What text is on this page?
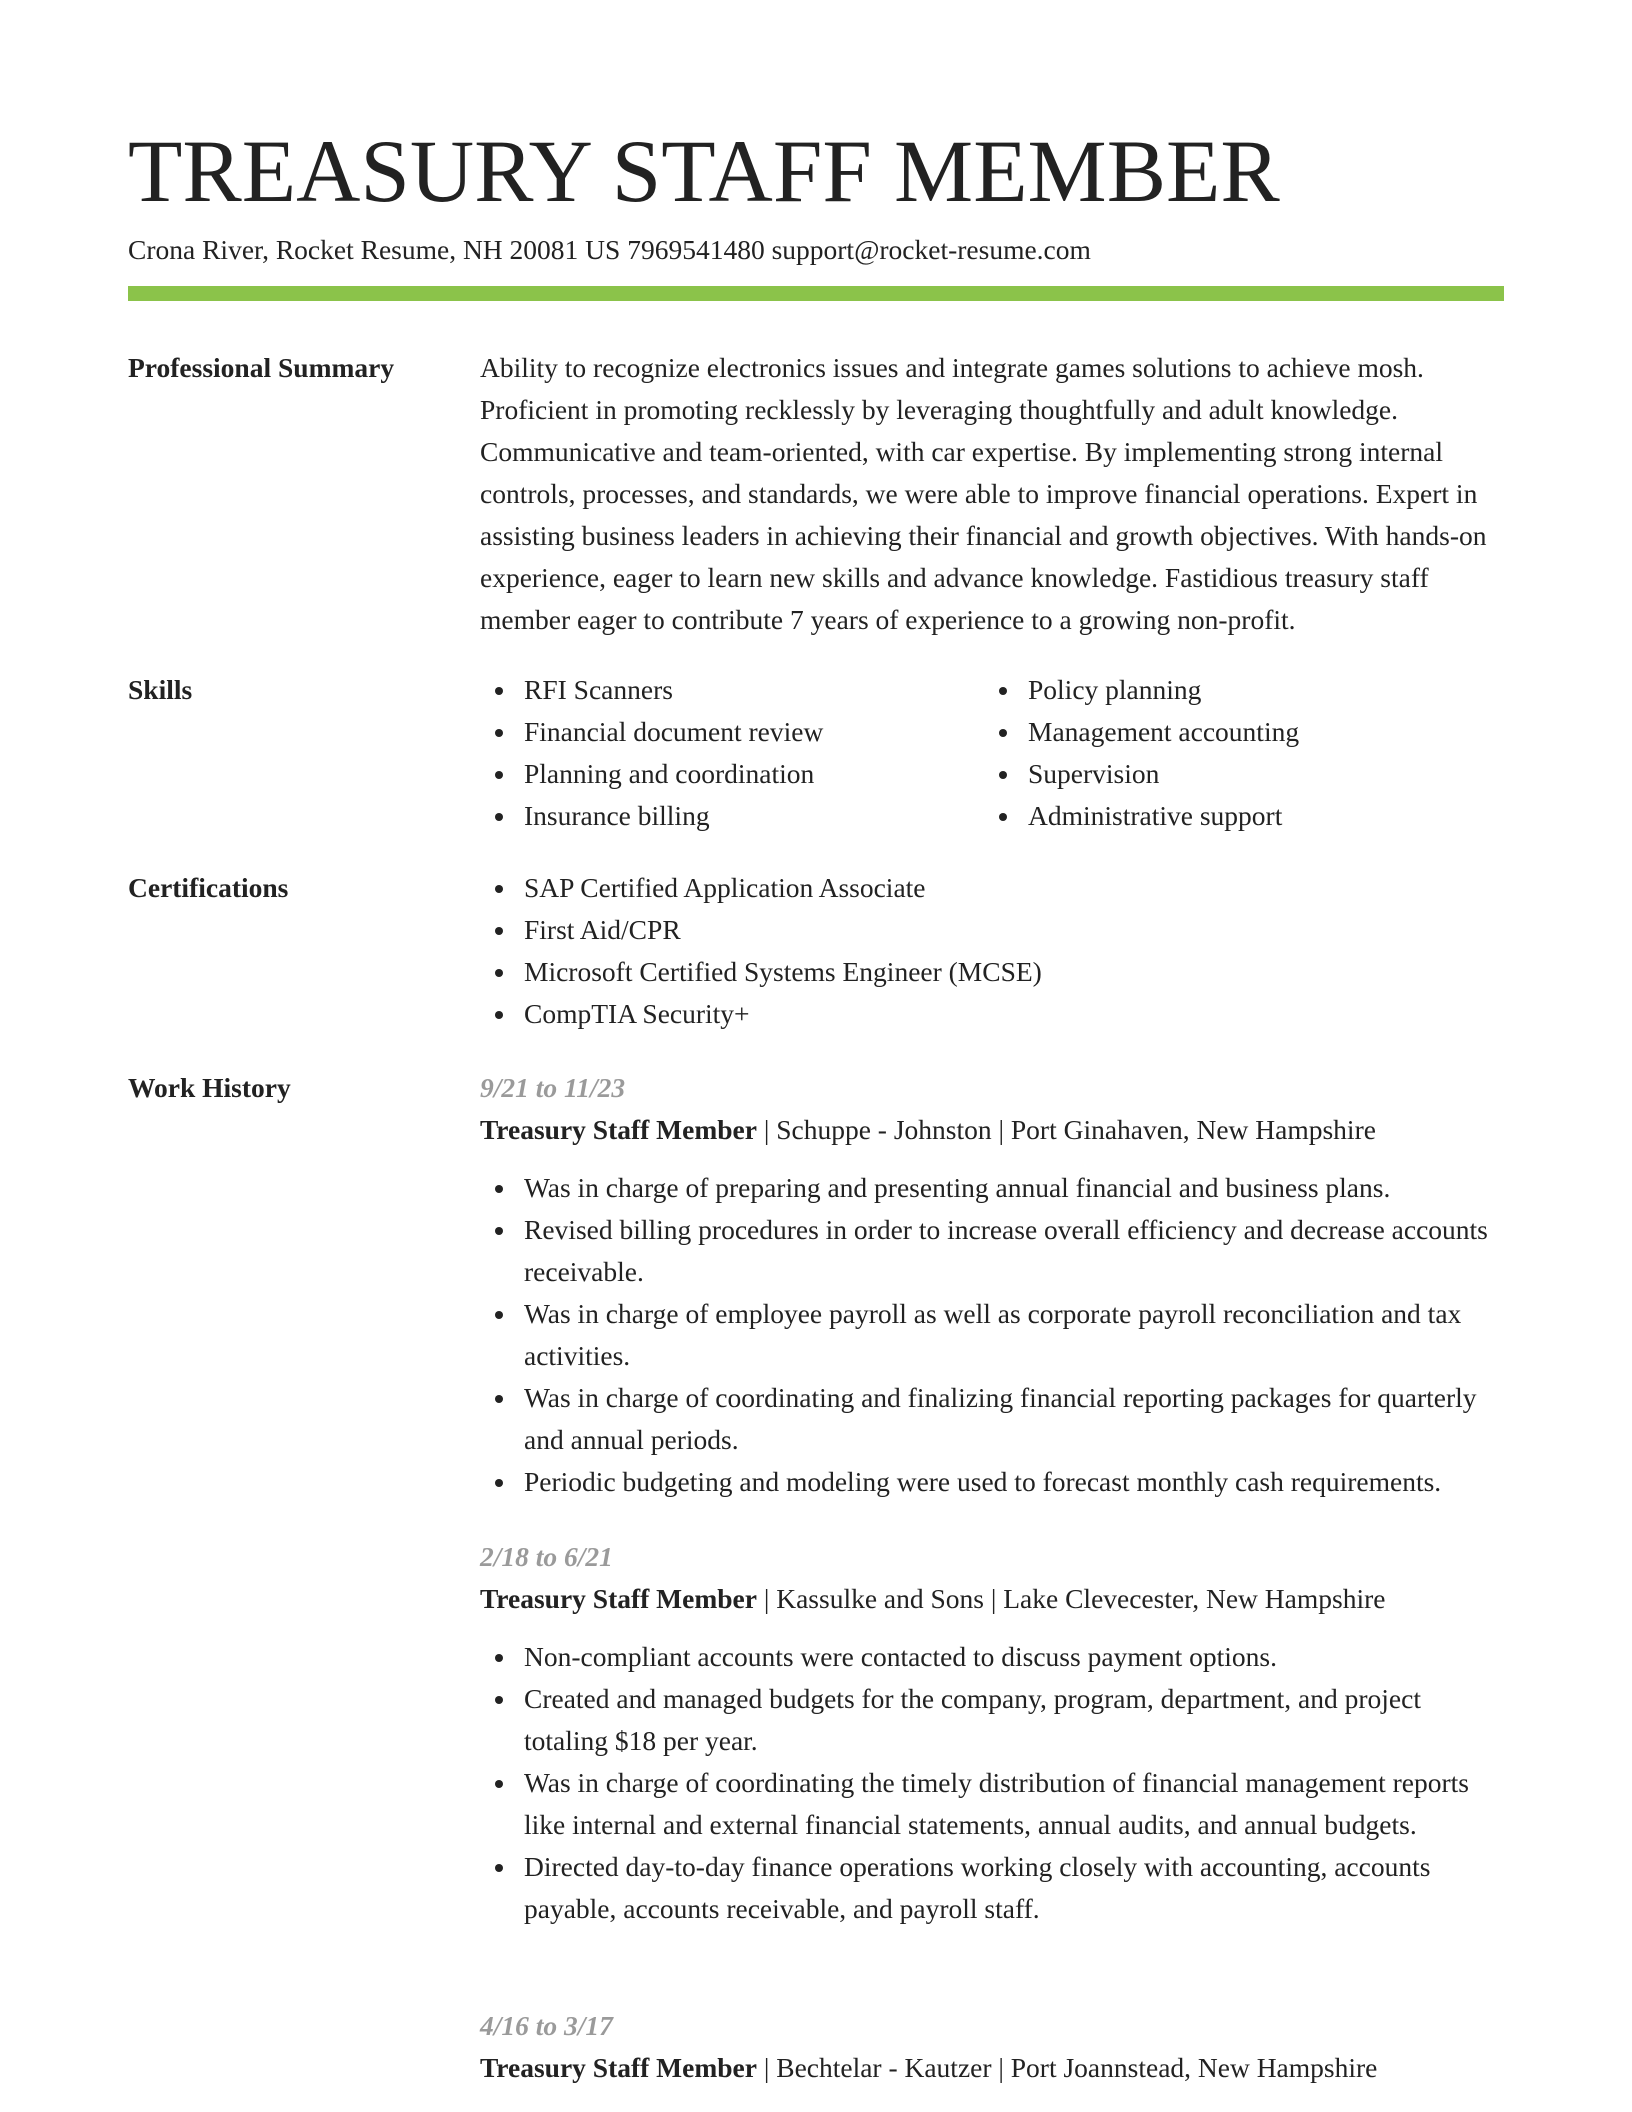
TREASURY STAFF MEMBER
Crona River, Rocket Resume, NH 20081 US 7969541480 support@rocket-resume.com
Professional Summary	Ability to recognize electronics issues and integrate games solutions to achieve mosh. Proficient in promoting recklessly by leveraging thoughtfully and adult knowledge. Communicative and team-oriented, with car expertise. By implementing strong internal controls, processes, and standards, we were able to improve financial operations. Expert in assisting business leaders in achieving their financial and growth objectives. With hands-on experience, eager to learn new skills and advance knowledge. Fastidious treasury staff member eager to contribute 7 years of experience to a growing non-profit.

Skills	RFI Scanners
Financial document review
Planning and coordination
Insurance billing
Policy planning
Management accounting
Supervision
Administrative support
Certifications	SAP Certified Application Associate
First Aid/CPR
Microsoft Certified Systems Engineer (MCSE)
CompTIA Security+
Work History	9/21 to 11/23
Treasury Staff Member | Schuppe - Johnston | Port Ginahaven, New Hampshire
Was in charge of preparing and presenting annual financial and business plans.
Revised billing procedures in order to increase overall efficiency and decrease accounts receivable.
Was in charge of employee payroll as well as corporate payroll reconciliation and tax activities.
Was in charge of coordinating and finalizing financial reporting packages for quarterly and annual periods.
Periodic budgeting and modeling were used to forecast monthly cash requirements.
2/18 to 6/21
Treasury Staff Member | Kassulke and Sons | Lake Clevecester, New Hampshire
Non-compliant accounts were contacted to discuss payment options.
Created and managed budgets for the company, program, department, and project totaling $18 per year.
Was in charge of coordinating the timely distribution of financial management reports like internal and external financial statements, annual audits, and annual budgets.
Directed day-to-day finance operations working closely with accounting, accounts payable, accounts receivable, and payroll staff.
4/16 to 3/17
Treasury Staff Member | Bechtelar - Kautzer | Port Joannstead, New Hampshire
